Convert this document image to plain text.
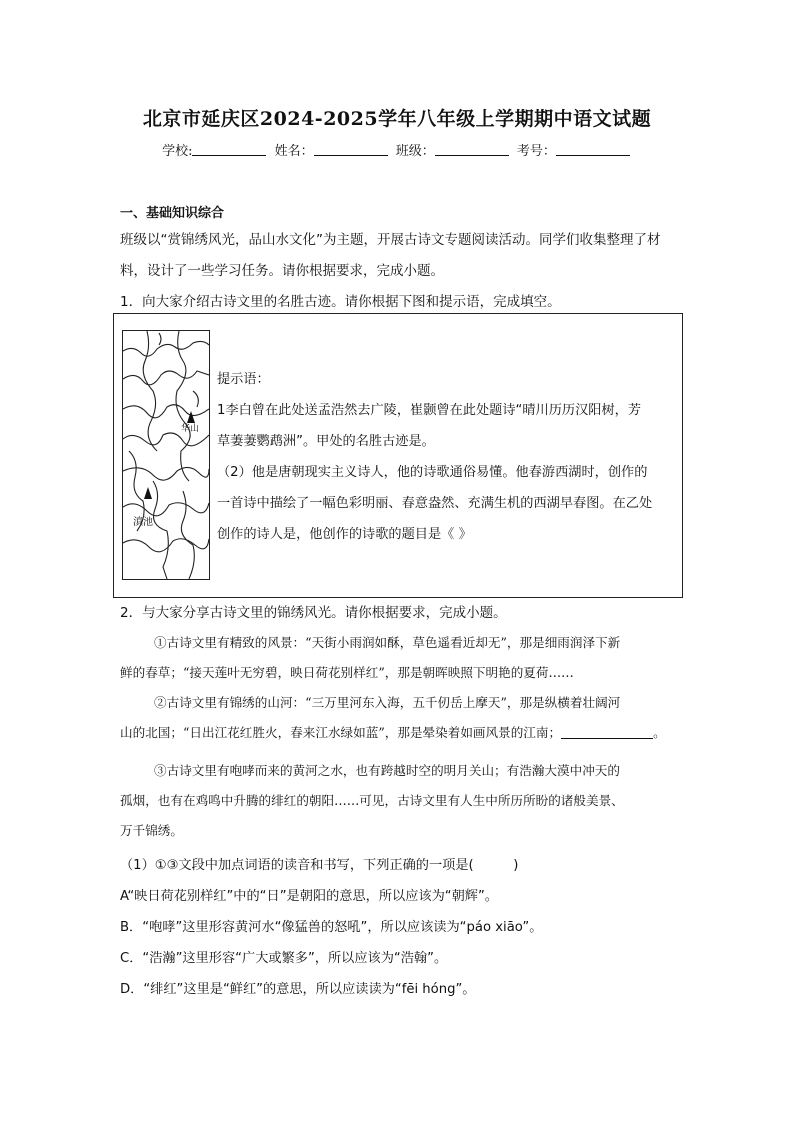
北京市延庆区2024-2025学年八年级上学期期中语文试题
学校:	姓名：	班级：	考号：
一、基础知识综合
班级以“赏锦绣风光，品山水文化”为主题，开展古诗文专题阅读活动。同学们收集整理了材
料，设计了一些学习任务。请你根据要求，完成小题。
1．向大家介绍古诗文里的名胜古迹。请你根据下图和提示语，完成填空。
华山
滇池
提示语：
1李白曾在此处送孟浩然去广陵，崔颢曾在此处题诗“晴川历历汉阳树，芳
草萋萋鹦鹉洲”。甲处的名胜古迹是。
（2）他是唐朝现实主义诗人，他的诗歌通俗易懂。他春游西湖时，创作的
一首诗中描绘了一幅色彩明丽、春意盎然、充满生机的西湖早春图。在乙处
创作的诗人是，他创作的诗歌的题目是《 》
2．与大家分享古诗文里的锦绣风光。请你根据要求，完成小题。
①古诗文里有精致的风景：“天街小雨润如酥，草色遥看近却无”，那是细雨润泽下新
鲜的春草；“接天莲叶无穷碧，映日荷花别样红”，那是朝晖映照下明艳的夏荷……
②古诗文里有锦绣的山河：“三万里河东入海，五千仞岳上摩天”，那是纵横着壮阔河
山的北国；“日出江花红胜火，春来江水绿如蓝”，那是晕染着如画风景的江南；	。
③古诗文里有咆哮而来的黄河之水，也有跨越时空的明月关山；有浩瀚大漠中冲天的
孤烟，也有在鸡鸣中升腾的绯红的朝阳……可见，古诗文里有人生中所历所盼的诸般美景、
万千锦绣。
（1）①③文段中加点词语的读音和书写，下列正确的一项是(　　　)
A“映日荷花别样红”中的“日”是朝阳的意思，所以应该为“朝辉”。
B．“咆哮”这里形容黄河水“像猛兽的怒吼”，所以应该读为“páo xiāo”。
C．“浩瀚”这里形容“广大或繁多”，所以应该为“浩翰”。
D．“绯红”这里是“鲜红”的意思，所以应读读为“fēi hóng”。
